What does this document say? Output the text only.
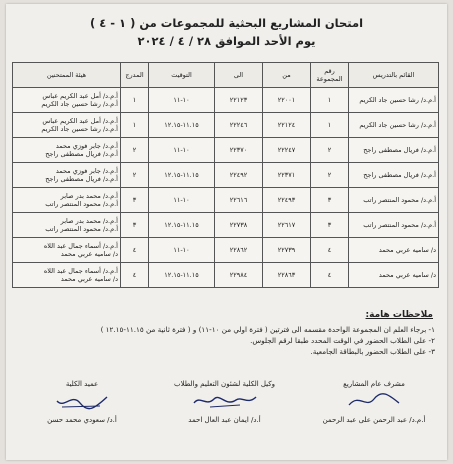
امتحان المشاريع البحثية للمجموعات من ( ١ - ٤ )
يوم الأحد الموافق ٢٨ / ٤ / ٢٠٢٤
القائم بالتدريس	رقم المجموعة	من	الى	التوقيت	المدرج	هيئة الممتحنين
أ.م.د/ رشا حسين جاد الكريم	١	٢٢٠٠١	٢٢١٢٣	١٠-١١	١	أ.م.د/ أمل عبد الكريم عباس
أ.م.د/ رشا حسين جاد الكريم
أ.م.د/ رشا حسين جاد الكريم	١	٢٢١٢٤	٢٢٢٤٦	١١.١٥-١٢.١٥	١	أ.م.د/ أمل عبد الكريم عباس
أ.م.د/ رشا حسين جاد الكريم
أ.م.د/ فريال مصطفى راجح	٢	٢٢٢٤٧	٢٢٣٧٠	١٠-١١	٢	أ.م.د/ جابر فوزي محمد
أ.م.د/ فريال مصطفى راجح
أ.م.د/ فريال مصطفى راجح	٢	٢٢٣٧١	٢٢٤٩٢	١١.١٥-١٢.١٥	٢	أ.م.د/ جابر فوزي محمد
أ.م.د/ فريال مصطفى راجح
أ.م.د/ محمود المنتصر راتب	٣	٢٢٤٩٣	٢٢٦١٦	١٠-١١	٣	أ.م.د/ محمد بدر صابر
أ.م.د/ محمود المنتصر راتب
أ.م.د/ محمود المنتصر راتب	٣	٢٢٦١٧	٢٢٧٣٨	١١.١٥-١٢.١٥	٣	أ.م.د/ محمد بدر صابر
أ.م.د/ محمود المنتصر راتب
د/ ساميه عربي محمد	٤	٢٢٧٣٩	٢٢٨٦٢	١٠-١١	٤	أ.م.د/ أسماء جمال عبد اللاه
د/ ساميه عربي محمد
د/ ساميه عربي محمد	٤	٢٢٨٦٣	٢٢٩٨٤	١١.١٥-١٢.١٥	٤	أ.م.د/ أسماء جمال عبد اللاه
د/ ساميه عربي محمد
ملاحظات هامة:
١- برجاء العلم ان المجموعة الواحدة مقسمه الى فترتين ( فترة اولي من ١٠-١١) و ( فترة ثانية من ١١.١٥-١٢.١٥ )
٢- على الطلاب الحضور في الوقت المحدد طبقا لرقم الجلوس.
٣- على الطلاب الحضور بالبطاقة الجامعية.
مشرف عام المشاريع
أ.م.د/ عبد الرحمن على عبد الرحمن
وكيل الكلية لشئون التعليم والطلاب
أ.د/ ايمان عبد العال احمد
عميد الكلية
أ.د/ سعودي محمد حسن
